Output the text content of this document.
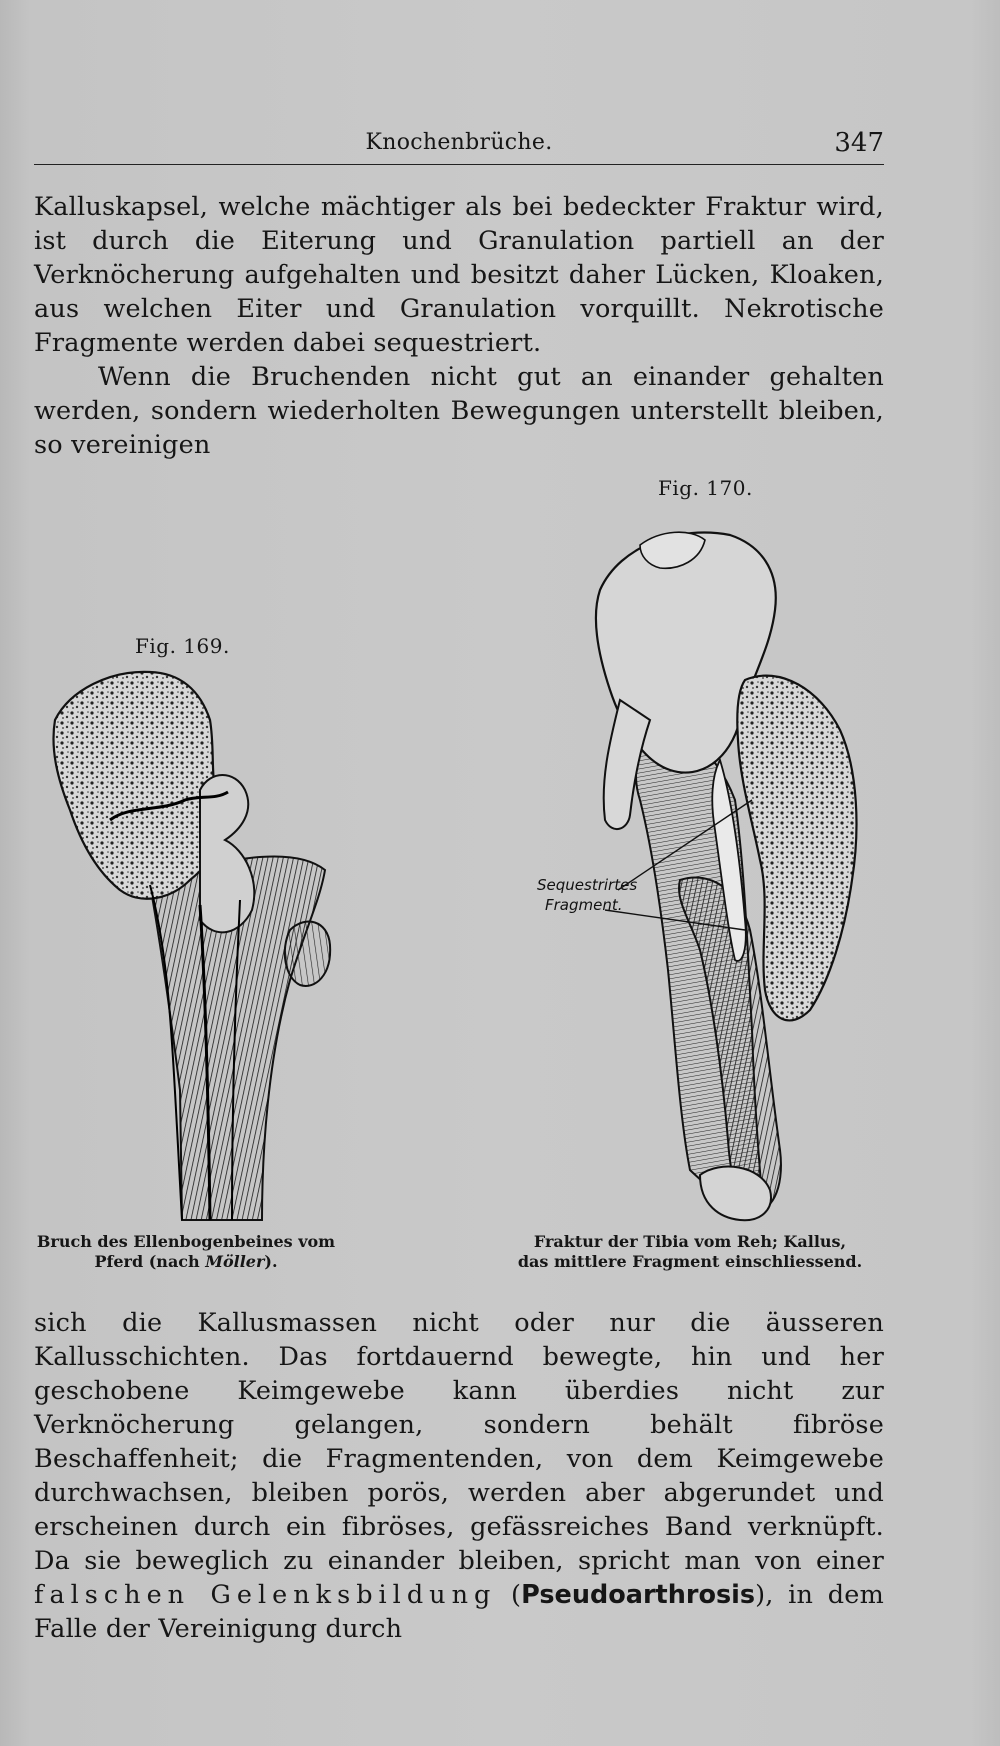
Knochenbrüche.	347

Kalluskapsel, welche mächtiger als bei bedeckter Fraktur wird, ist durch die Eiterung und Granulation partiell an der Verknöcherung aufgehalten und besitzt daher Lücken, Kloaken, aus welchen Eiter und Granulation vorquillt. Nekrotische Fragmente werden dabei sequestriert.

Wenn die Bruchenden nicht gut an einander gehalten werden, sondern wiederholten Bewegungen unterstellt bleiben, so vereinigen

Fig. 169.
Sequestrirtes
Fragment.
Fig. 170.
Bruch des Ellenbogenbeines vom
Pferd (nach Möller).
Fraktur der Tibia vom Reh; Kallus,
das mittlere Fragment einschliessend.

sich die Kallusmassen nicht oder nur die äusseren Kallusschichten. Das fortdauernd bewegte, hin und her geschobene Keimgewebe kann überdies nicht zur Verknöcherung gelangen, sondern behält fibröse Beschaffenheit; die Fragmentenden, von dem Keimgewebe durchwachsen, bleiben porös, werden aber abgerundet und erscheinen durch ein fibröses, gefässreiches Band verknüpft. Da sie beweglich zu einander bleiben, spricht man von einer falschen Gelenksbildung (Pseudoarthrosis), in dem Falle der Vereinigung durch
